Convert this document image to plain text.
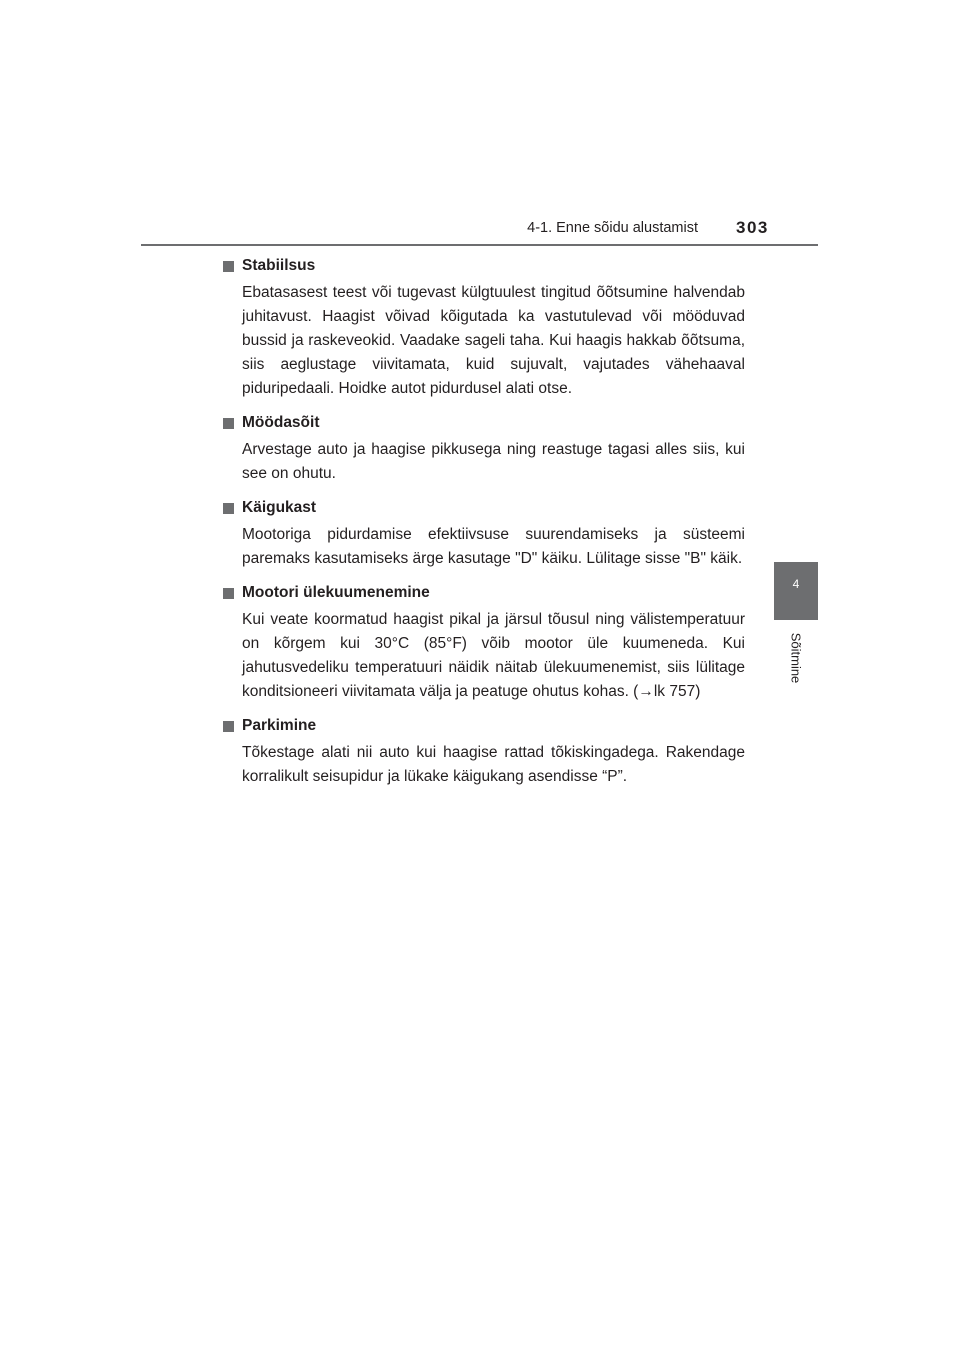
4-1. Enne sõidu alustamist 303
4
Sõitmine
Stabiilsus

Ebatasasest teest või tugevast külgtuulest tingitud õõtsumine halvendab juhitavust. Haagist võivad kõigutada ka vastutulevad või mööduvad bussid ja raskeveokid. Vaadake sageli taha. Kui haagis hakkab õõtsuma, siis aeglustage viivitamata, kuid sujuvalt, vajutades vähehaaval piduripedaali. Hoidke autot pidurdusel alati otse.

Möödasõit

Arvestage auto ja haagise pikkusega ning reastuge tagasi alles siis, kui see on ohutu.

Käigukast

Mootoriga pidurdamise efektiivsuse suurendamiseks ja süsteemi paremaks kasutamiseks ärge kasutage "D" käiku. Lülitage sisse "B" käik.

Mootori ülekuumenemine

Kui veate koormatud haagist pikal ja järsul tõusul ning välistemperatuur on kõrgem kui 30°C (85°F) võib mootor üle kuumeneda. Kui jahutusvedeliku temperatuuri näidik näitab ülekuumenemist, siis lülitage konditsioneeri viivitamata välja ja peatuge ohutus kohas. (→lk 757)

Parkimine

Tõkestage alati nii auto kui haagise rattad tõkiskingadega. Rakendage korralikult seisupidur ja lükake käigukang asendisse “P”.
